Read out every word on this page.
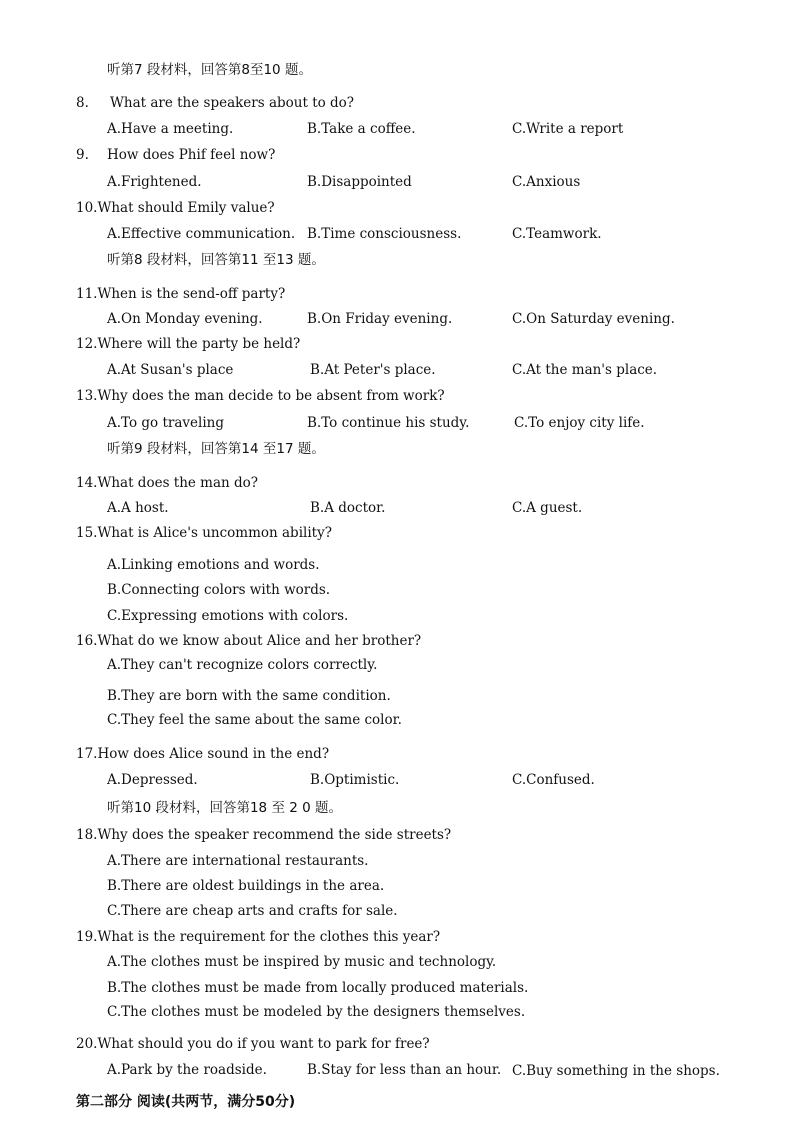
听第7 段材料，回答第8至10 题。
8. What are the speakers about to do?
A.Have a meeting.	B.Take a coffee.	C.Write a report
9. How does Phif feel now?
A.Frightened.	B.Disappointed	C.Anxious
10.What should Emily value?
A.Effective communication. B.Time consciousness.	C.Teamwork.
听第8 段材料，回答第11 至13 题。
11.When is the send-off party?
A.On Monday evening.	B.On Friday evening.	C.On Saturday evening.
12.Where will the party be held?
A.At Susan's place	B.At Peter's place.	C.At the man's place.
13.Why does the man decide to be absent from work?
A.To go traveling	B.To continue his study.	C.To enjoy city life.
听第9 段材料，回答第14 至17 题。
14.What does the man do?
A.A host.	B.A doctor.	C.A guest.
15.What is Alice's uncommon ability?
A.Linking emotions and words.
B.Connecting colors with words.
C.Expressing emotions with colors.
16.What do we know about Alice and her brother?
A.They can't recognize colors correctly.
B.They are born with the same condition.
C.They feel the same about the same color.
17.How does Alice sound in the end?
A.Depressed.	B.Optimistic.	C.Confused.
听第10 段材料，回答第18 至 2 0 题。
18.Why does the speaker recommend the side streets?
A.There are international restaurants.
B.There are oldest buildings in the area.
C.There are cheap arts and crafts for sale.
19.What is the requirement for the clothes this year?
A.The clothes must be inspired by music and technology.
B.The clothes must be made from locally produced materials.
C.The clothes must be modeled by the designers themselves.
20.What should you do if you want to park for free?
A.Park by the roadside.	B.Stay for less than an hour. C.Buy something in the shops.
第二部分 阅读(共两节，满分50分)
